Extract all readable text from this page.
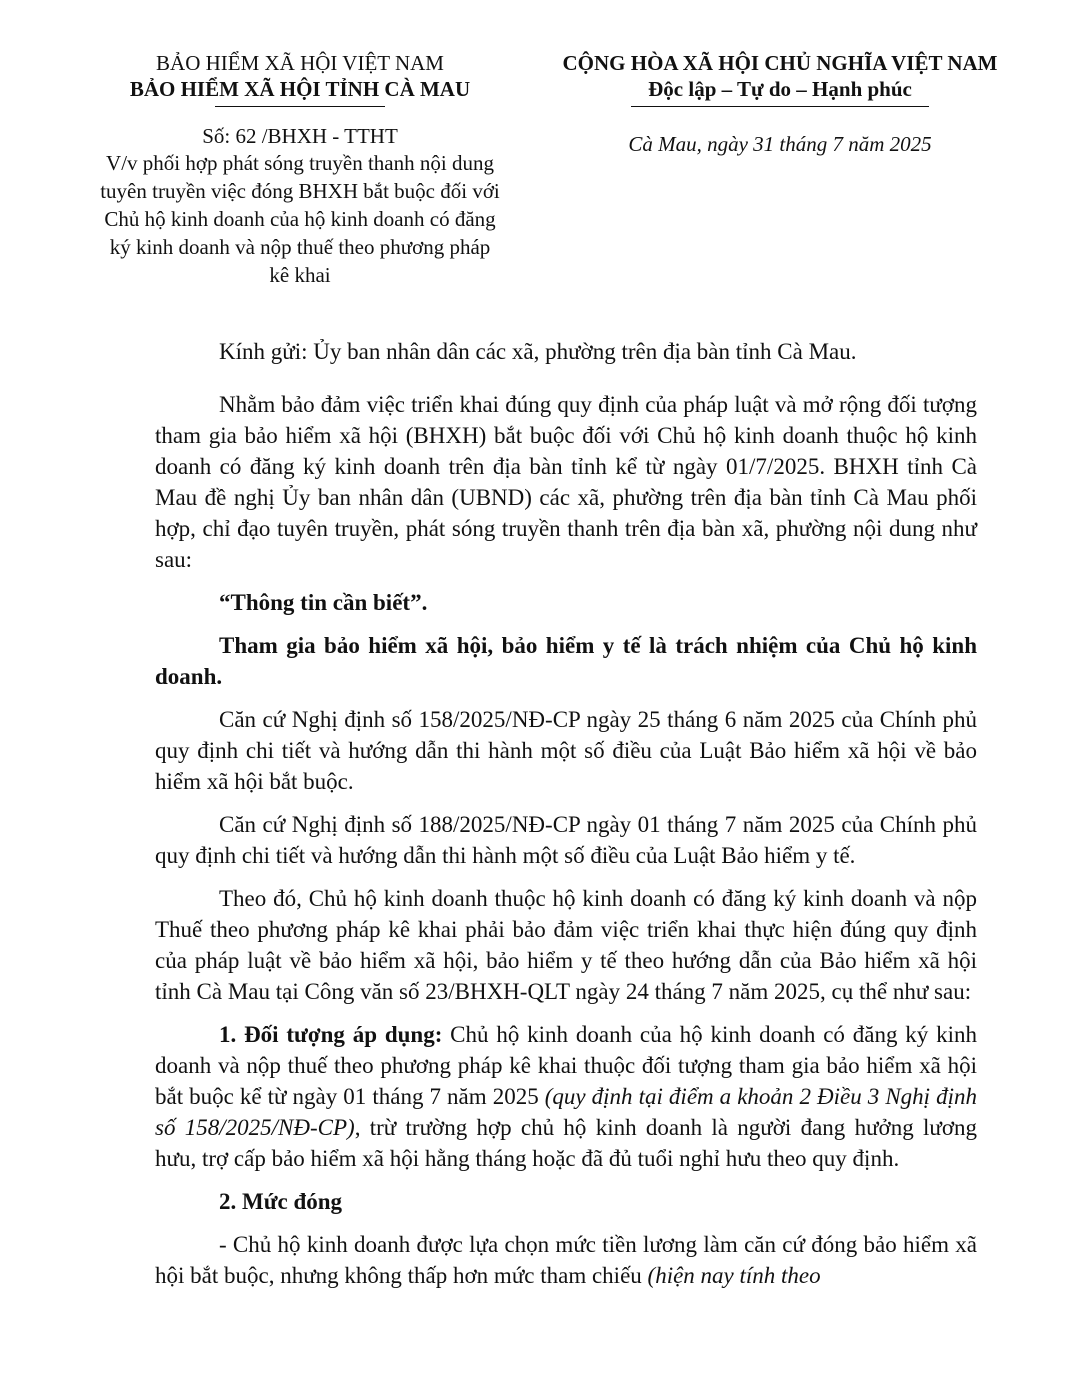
BẢO HIỂM XÃ HỘI VIỆT NAM
BẢO HIỂM XÃ HỘI TỈNH CÀ MAU
Số: 62 /BHXH - TTHT
V/v phối hợp phát sóng truyền thanh nội dung tuyên truyền việc đóng BHXH bắt buộc đối với Chủ hộ kinh doanh của hộ kinh doanh có đăng ký kinh doanh và nộp thuế theo phương pháp kê khai
CỘNG HÒA XÃ HỘI CHỦ NGHĨA VIỆT NAM
Độc lập – Tự do – Hạnh phúc
Cà Mau, ngày 31 tháng 7 năm 2025

Kính gửi: Ủy ban nhân dân các xã, phường trên địa bàn tỉnh Cà Mau.

Nhằm bảo đảm việc triển khai đúng quy định của pháp luật và mở rộng đối tượng tham gia bảo hiểm xã hội (BHXH) bắt buộc đối với Chủ hộ kinh doanh thuộc hộ kinh doanh có đăng ký kinh doanh trên địa bàn tỉnh kể từ ngày 01/7/2025. BHXH tỉnh Cà Mau đề nghị Ủy ban nhân dân (UBND) các xã, phường trên địa bàn tỉnh Cà Mau phối hợp, chỉ đạo tuyên truyền, phát sóng truyền thanh trên địa bàn xã, phường nội dung như sau:

“Thông tin cần biết”.

Tham gia bảo hiểm xã hội, bảo hiểm y tế là trách nhiệm của Chủ hộ kinh doanh.

Căn cứ Nghị định số 158/2025/NĐ-CP ngày 25 tháng 6 năm 2025 của Chính phủ quy định chi tiết và hướng dẫn thi hành một số điều của Luật Bảo hiểm xã hội về bảo hiểm xã hội bắt buộc.

Căn cứ Nghị định số 188/2025/NĐ-CP ngày 01 tháng 7 năm 2025 của Chính phủ quy định chi tiết và hướng dẫn thi hành một số điều của Luật Bảo hiểm y tế.

Theo đó, Chủ hộ kinh doanh thuộc hộ kinh doanh có đăng ký kinh doanh và nộp Thuế theo phương pháp kê khai phải bảo đảm việc triển khai thực hiện đúng quy định của pháp luật về bảo hiểm xã hội, bảo hiểm y tế theo hướng dẫn của Bảo hiểm xã hội tỉnh Cà Mau tại Công văn số 23/BHXH-QLT ngày 24 tháng 7 năm 2025, cụ thể như sau:

1. Đối tượng áp dụng: Chủ hộ kinh doanh của hộ kinh doanh có đăng ký kinh doanh và nộp thuế theo phương pháp kê khai thuộc đối tượng tham gia bảo hiểm xã hội bắt buộc kể từ ngày 01 tháng 7 năm 2025 (quy định tại điểm a khoản 2 Điều 3 Nghị định số 158/2025/NĐ-CP), trừ trường hợp chủ hộ kinh doanh là người đang hưởng lương hưu, trợ cấp bảo hiểm xã hội hằng tháng hoặc đã đủ tuổi nghỉ hưu theo quy định.

2. Mức đóng

- Chủ hộ kinh doanh được lựa chọn mức tiền lương làm căn cứ đóng bảo hiểm xã hội bắt buộc, nhưng không thấp hơn mức tham chiếu (hiện nay tính theo
